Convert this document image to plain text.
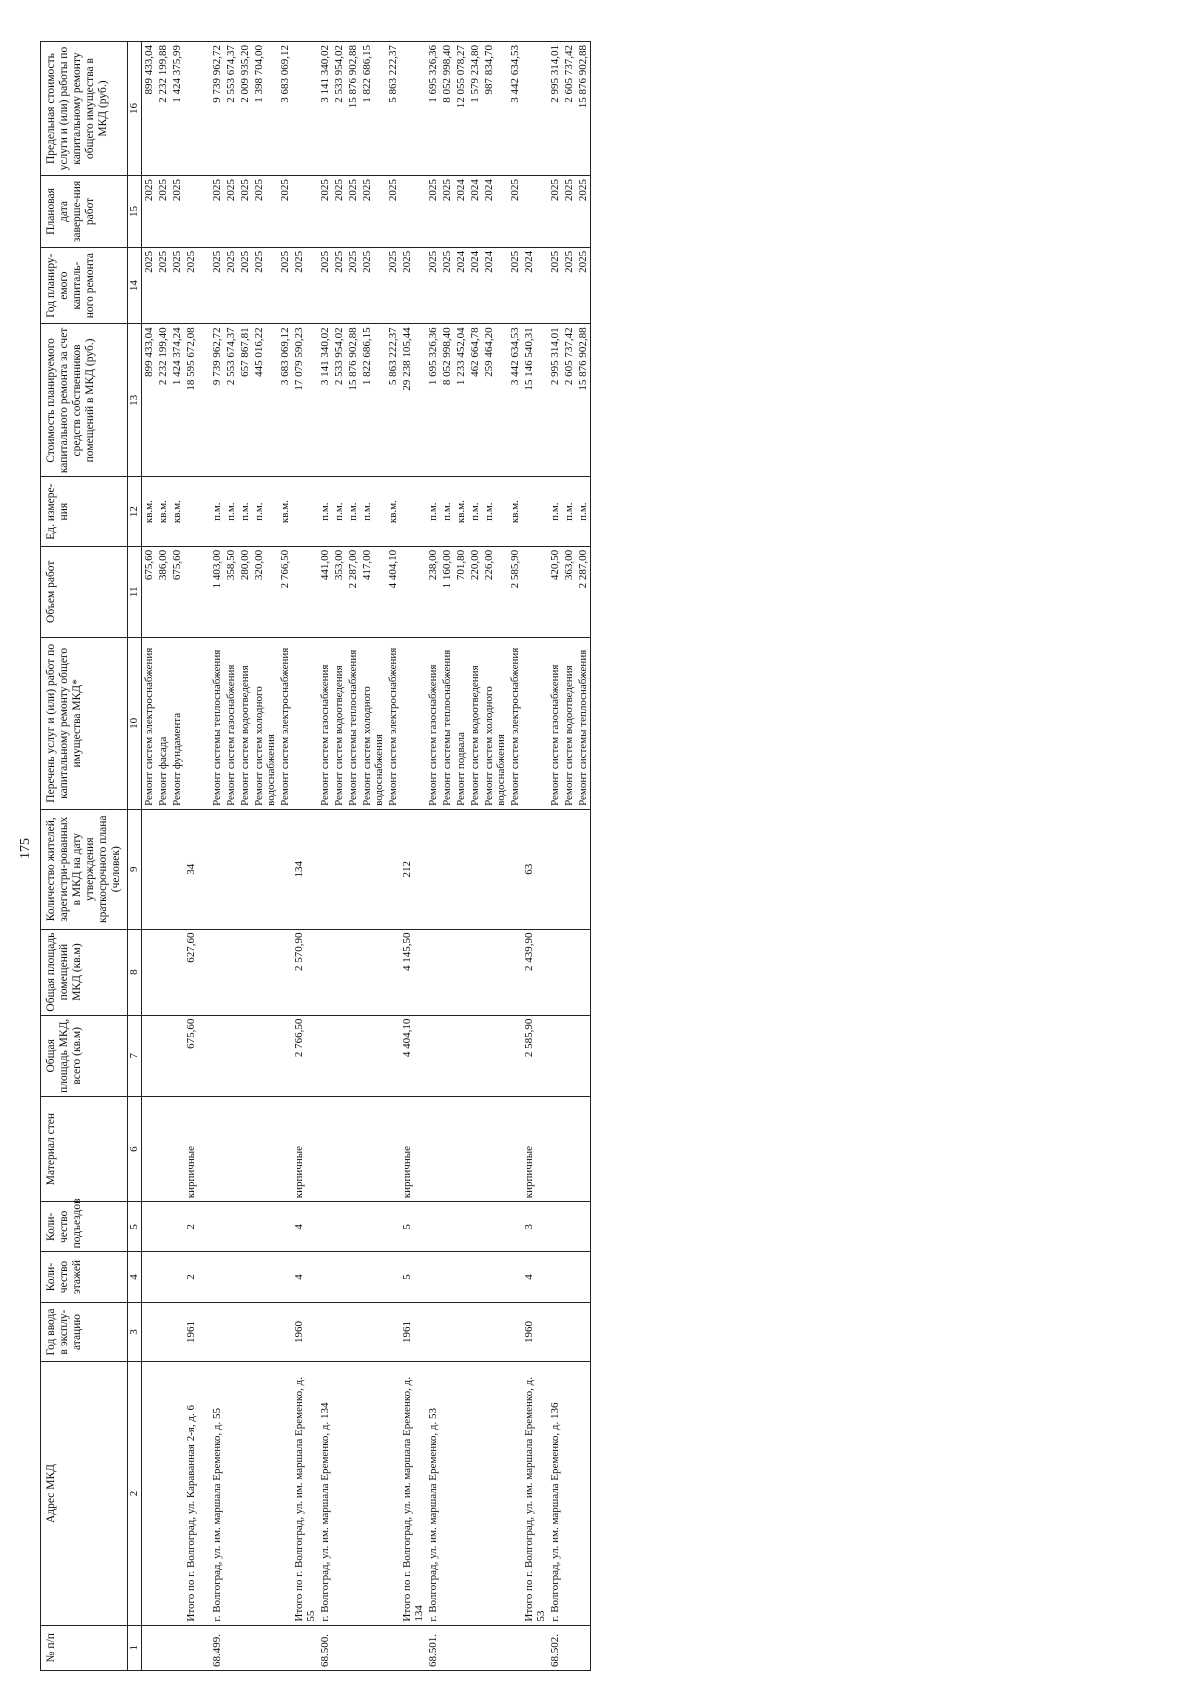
175
№ п/п	Адрес МКД	Год ввода в эксплу-атацию	Коли-чество этажей	Коли-чество подъездов	Материал стен	Общая площадь МКД, всего (кв.м)	Общая площадь помещений МКД (кв.м)	Количество жителей, зарегистри-рованных в МКД на дату утверждения краткосрочного плана (человек)	Перечень услуг и (или) работ по капитальному ремонту общего имущества МКД*	Объем работ	Ед. измере-ния	Стоимость планируемого капитального ремонта за счет средств собственников помещений в МКД (руб.)	Год планиру-емого капиталь-ного ремонта	Плановая дата заверше-ния работ	Предельная стоимость услуги и (или) работы по капитальному ремонту общего имущества в МКД (руб.)
1	2	3	4	5	6	7	8	9	10	11	12	13	14	15	16
									Ремонт систем электроснабжения	675,60	кв.м.	899 433,04	2025	2025	899 433,04
									Ремонт фасада	386,00	кв.м.	2 232 199,40	2025	2025	2 232 199,88
									Ремонт фундамента	675,60	кв.м.	1 424 374,24	2025	2025	1 424 375,99
	Итого по г. Волгоград, ул. Караванная 2-я, д. 6	1961	2	2	кирпичные	675,60	627,60	34				18 595 672,08	2025		
68.499.	г. Волгоград, ул. им. маршала Еременко, д. 55								Ремонт системы теплоснабжения	1 403,00	п.м.	9 739 962,72	2025	2025	9 739 962,72
									Ремонт систем газоснабжения	358,50	п.м.	2 553 674,37	2025	2025	2 553 674,37
									Ремонт систем водоотведения	280,00	п.м.	657 867,81	2025	2025	2 009 935,20
									Ремонт систем холодного водоснабжения	320,00	п.м.	445 016,22	2025	2025	1 398 704,00
									Ремонт систем электроснабжения	2 766,50	кв.м.	3 683 069,12	2025	2025	3 683 069,12
	Итого по г. Волгоград, ул. им. маршала Еременко, д. 55	1960	4	4	кирпичные	2 766,50	2 570,90	134				17 079 590,23	2025		
68.500.	г. Волгоград, ул. им. маршала Еременко, д. 134								Ремонт систем газоснабжения	441,00	п.м.	3 141 340,02	2025	2025	3 141 340,02
									Ремонт систем водоотведения	353,00	п.м.	2 533 954,02	2025	2025	2 533 954,02
									Ремонт системы теплоснабжения	2 287,00	п.м.	15 876 902,88	2025	2025	15 876 902,88
									Ремонт систем холодного водоснабжения	417,00	п.м.	1 822 686,15	2025	2025	1 822 686,15
									Ремонт систем электроснабжения	4 404,10	кв.м.	5 863 222,37	2025	2025	5 863 222,37
	Итого по г. Волгоград, ул. им. маршала Еременко, д. 134	1961	5	5	кирпичные	4 404,10	4 145,50	212				29 238 105,44	2025		
68.501.	г. Волгоград, ул. им. маршала Еременко, д. 53								Ремонт систем газоснабжения	238,00	п.м.	1 695 326,36	2025	2025	1 695 326,36
									Ремонт системы теплоснабжения	1 160,00	п.м.	8 052 998,40	2025	2025	8 052 998,40
									Ремонт подвала	701,80	кв.м.	1 233 452,04	2024	2024	12 055 078,27
									Ремонт систем водоотведения	220,00	п.м.	462 664,78	2024	2024	1 579 234,80
									Ремонт систем холодного водоснабжения	226,00	п.м.	259 464,20	2024	2024	987 834,70
									Ремонт систем электроснабжения	2 585,90	кв.м.	3 442 634,53	2025	2025	3 442 634,53
	Итого по г. Волгоград, ул. им. маршала Еременко, д. 53	1960	4	3	кирпичные	2 585,90	2 439,90	63				15 146 540,31	2024		
68.502.	г. Волгоград, ул. им. маршала Еременко, д. 136								Ремонт систем газоснабжения	420,50	п.м.	2 995 314,01	2025	2025	2 995 314,01
									Ремонт систем водоотведения	363,00	п.м.	2 605 737,42	2025	2025	2 605 737,42
									Ремонт системы теплоснабжения	2 287,00	п.м.	15 876 902,88	2025	2025	15 876 902,88
